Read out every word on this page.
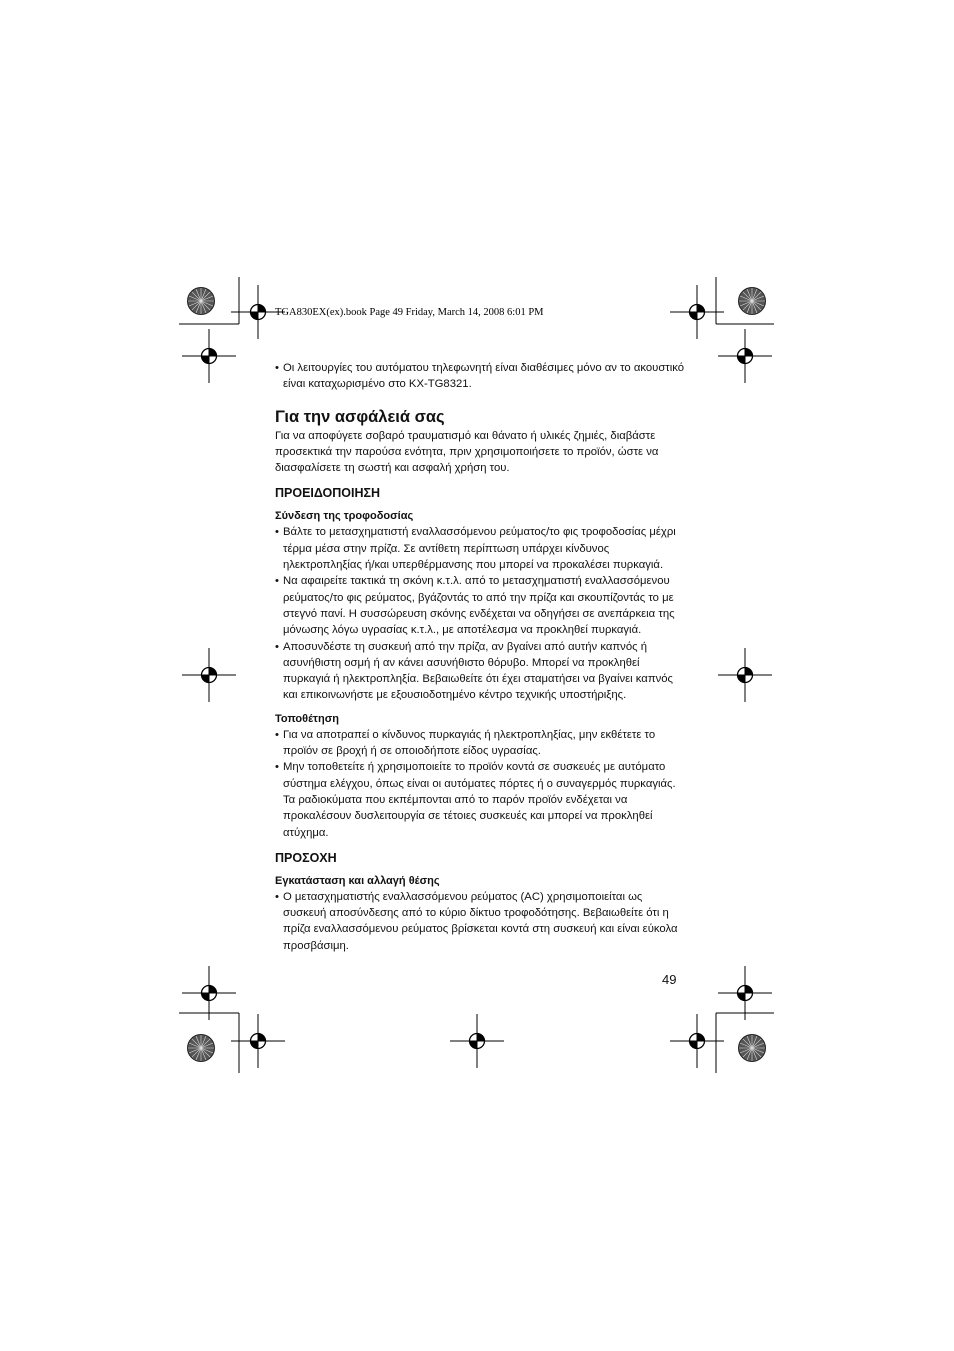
TGA830EX(ex).book Page 49 Friday, March 14, 2008 6:01 PM

• Οι λειτουργίες του αυτόματου τηλεφωνητή είναι διαθέσιμες μόνο αν το ακουστικό είναι καταχωρισμένο στο KX-TG8321.

Για την ασφάλειά σας

Για να αποφύγετε σοβαρό τραυματισμό και θάνατο ή υλικές ζημιές, διαβάστε προσεκτικά την παρούσα ενότητα, πριν χρησιμοποιήσετε το προϊόν, ώστε να διασφαλίσετε τη σωστή και ασφαλή χρήση του.

ΠΡΟΕΙΔΟΠΟΙΗΣΗ
Σύνδεση της τροφοδοσίας

• Βάλτε το μετασχηματιστή εναλλασσόμενου ρεύματος/το φις τροφοδοσίας μέχρι τέρμα μέσα στην πρίζα. Σε αντίθετη περίπτωση υπάρχει κίνδυνος ηλεκτροπληξίας ή/και υπερθέρμανσης που μπορεί να προκαλέσει πυρκαγιά.

• Να αφαιρείτε τακτικά τη σκόνη κ.τ.λ. από το μετασχηματιστή εναλλασσόμενου ρεύματος/το φις ρεύματος, βγάζοντάς το από την πρίζα και σκουπίζοντάς το με στεγνό πανί. Η συσσώρευση σκόνης ενδέχεται να οδηγήσει σε ανεπάρκεια της μόνωσης λόγω υγρασίας κ.τ.λ., με αποτέλεσμα να προκληθεί πυρκαγιά.

• Αποσυνδέστε τη συσκευή από την πρίζα, αν βγαίνει από αυτήν καπνός ή ασυνήθιστη οσμή ή αν κάνει ασυνήθιστο θόρυβο. Μπορεί να προκληθεί πυρκαγιά ή ηλεκτροπληξία. Βεβαιωθείτε ότι έχει σταματήσει να βγαίνει καπνός και επικοινωνήστε με εξουσιοδοτημένο κέντρο τεχνικής υποστήριξης.

Τοποθέτηση

• Για να αποτραπεί ο κίνδυνος πυρκαγιάς ή ηλεκτροπληξίας, μην εκθέτετε το προϊόν σε βροχή ή σε οποιοδήποτε είδος υγρασίας.

• Μην τοποθετείτε ή χρησιμοποιείτε το προϊόν κοντά σε συσκευές με αυτόματο σύστημα ελέγχου, όπως είναι οι αυτόματες πόρτες ή ο συναγερμός πυρκαγιάς. Τα ραδιοκύματα που εκπέμπονται από το παρόν προϊόν ενδέχεται να προκαλέσουν δυσλειτουργία σε τέτοιες συσκευές και μπορεί να προκληθεί ατύχημα.

ΠΡΟΣΟΧΗ
Εγκατάσταση και αλλαγή θέσης

• Ο μετασχηματιστής εναλλασσόμενου ρεύματος (AC) χρησιμοποιείται ως συσκευή αποσύνδεσης από το κύριο δίκτυο τροφοδότησης. Βεβαιωθείτε ότι η πρίζα εναλλασσόμενου ρεύματος βρίσκεται κοντά στη συσκευή και είναι εύκολα προσβάσιμη.

49
